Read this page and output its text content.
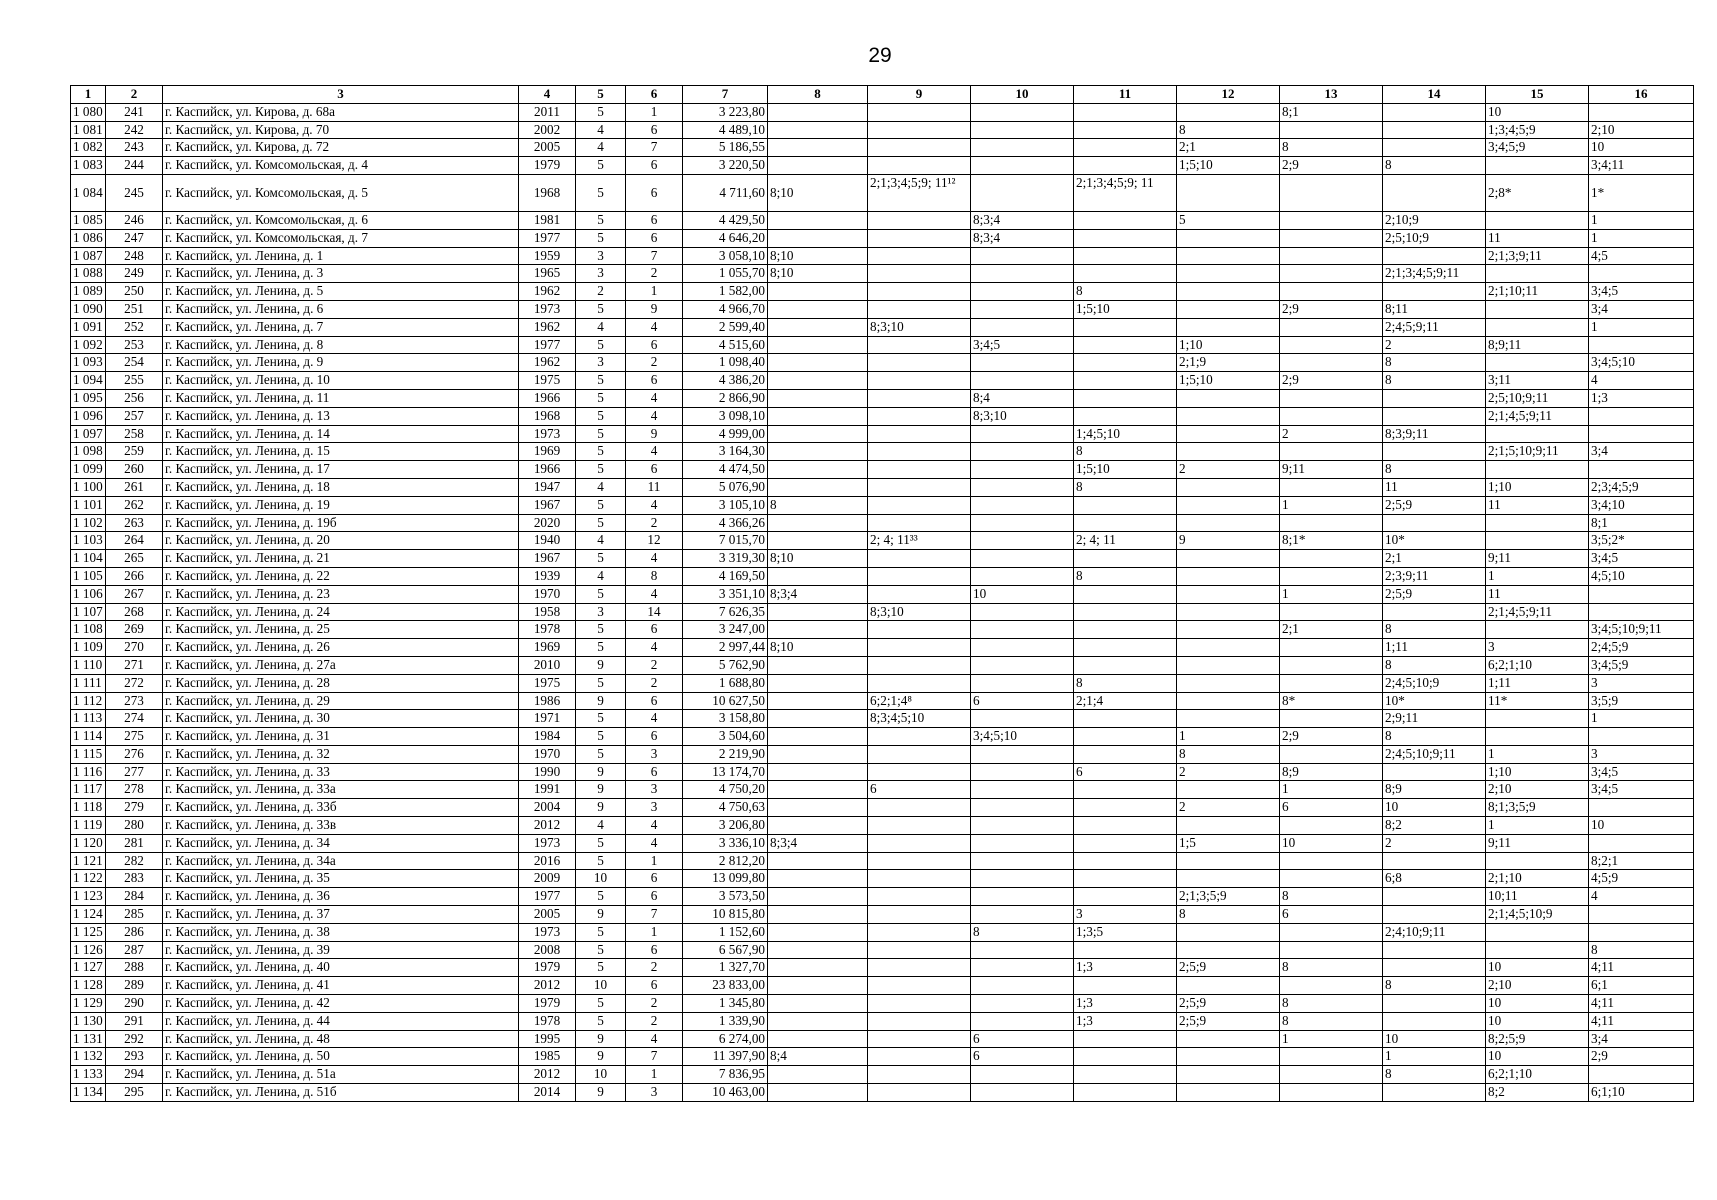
29
1	2	3	4	5	6	7	8	9	10	11	12	13	14	15	16
1 080	241	г. Каспийск, ул. Кирова, д. 68а	2011	5	1	3 223,80						8;1		10	
1 081	242	г. Каспийск, ул. Кирова, д. 70	2002	4	6	4 489,10					8			1;3;4;5;9	2;10
1 082	243	г. Каспийск, ул. Кирова, д. 72	2005	4	7	5 186,55					2;1	8		3;4;5;9	10
1 083	244	г. Каспийск, ул. Комсомольская, д. 4	1979	5	6	3 220,50					1;5;10	2;9	8		3;4;11
1 084	245	г. Каспийск, ул. Комсомольская, д. 5	1968	5	6	4 711,60	8;10	2;1;3;4;5;9; 11¹²		2;1;3;4;5;9; 11				2;8*	1*
1 085	246	г. Каспийск, ул. Комсомольская, д. 6	1981	5	6	4 429,50			8;3;4		5		2;10;9		1
1 086	247	г. Каспийск, ул. Комсомольская, д. 7	1977	5	6	4 646,20			8;3;4				2;5;10;9	11	1
1 087	248	г. Каспийск, ул. Ленина, д. 1	1959	3	7	3 058,10	8;10							2;1;3;9;11	4;5
1 088	249	г. Каспийск, ул. Ленина, д. 3	1965	3	2	1 055,70	8;10						2;1;3;4;5;9;11		
1 089	250	г. Каспийск, ул. Ленина, д. 5	1962	2	1	1 582,00				8				2;1;10;11	3;4;5
1 090	251	г. Каспийск, ул. Ленина, д. 6	1973	5	9	4 966,70				1;5;10		2;9	8;11		3;4
1 091	252	г. Каспийск, ул. Ленина, д. 7	1962	4	4	2 599,40		8;3;10					2;4;5;9;11		1
1 092	253	г. Каспийск, ул. Ленина, д. 8	1977	5	6	4 515,60			3;4;5		1;10		2	8;9;11	
1 093	254	г. Каспийск, ул. Ленина, д. 9	1962	3	2	1 098,40					2;1;9		8		3;4;5;10
1 094	255	г. Каспийск, ул. Ленина, д. 10	1975	5	6	4 386,20					1;5;10	2;9	8	3;11	4
1 095	256	г. Каспийск, ул. Ленина, д. 11	1966	5	4	2 866,90			8;4					2;5;10;9;11	1;3
1 096	257	г. Каспийск, ул. Ленина, д. 13	1968	5	4	3 098,10			8;3;10					2;1;4;5;9;11	
1 097	258	г. Каспийск, ул. Ленина, д. 14	1973	5	9	4 999,00				1;4;5;10		2	8;3;9;11		
1 098	259	г. Каспийск, ул. Ленина, д. 15	1969	5	4	3 164,30				8				2;1;5;10;9;11	3;4
1 099	260	г. Каспийск, ул. Ленина, д. 17	1966	5	6	4 474,50				1;5;10	2	9;11	8		
1 100	261	г. Каспийск, ул. Ленина, д. 18	1947	4	11	5 076,90				8			11	1;10	2;3;4;5;9
1 101	262	г. Каспийск, ул. Ленина, д. 19	1967	5	4	3 105,10	8					1	2;5;9	11	3;4;10
1 102	263	г. Каспийск, ул. Ленина, д. 19б	2020	5	2	4 366,26									8;1
1 103	264	г. Каспийск, ул. Ленина, д. 20	1940	4	12	7 015,70		2; 4; 11³³		2; 4; 11	9	8;1*	10*		3;5;2*
1 104	265	г. Каспийск, ул. Ленина, д. 21	1967	5	4	3 319,30	8;10						2;1	9;11	3;4;5
1 105	266	г. Каспийск, ул. Ленина, д. 22	1939	4	8	4 169,50				8			2;3;9;11	1	4;5;10
1 106	267	г. Каспийск, ул. Ленина, д. 23	1970	5	4	3 351,10	8;3;4		10			1	2;5;9	11	
1 107	268	г. Каспийск, ул. Ленина, д. 24	1958	3	14	7 626,35		8;3;10						2;1;4;5;9;11	
1 108	269	г. Каспийск, ул. Ленина, д. 25	1978	5	6	3 247,00						2;1	8		3;4;5;10;9;11
1 109	270	г. Каспийск, ул. Ленина, д. 26	1969	5	4	2 997,44	8;10						1;11	3	2;4;5;9
1 110	271	г. Каспийск, ул. Ленина, д. 27а	2010	9	2	5 762,90							8	6;2;1;10	3;4;5;9
1 111	272	г. Каспийск, ул. Ленина, д. 28	1975	5	2	1 688,80				8			2;4;5;10;9	1;11	3
1 112	273	г. Каспийск, ул. Ленина, д. 29	1986	9	6	10 627,50		6;2;1;4⁸	6	2;1;4		8*	10*	11*	3;5;9
1 113	274	г. Каспийск, ул. Ленина, д. 30	1971	5	4	3 158,80		8;3;4;5;10					2;9;11		1
1 114	275	г. Каспийск, ул. Ленина, д. 31	1984	5	6	3 504,60			3;4;5;10		1	2;9	8		
1 115	276	г. Каспийск, ул. Ленина, д. 32	1970	5	3	2 219,90					8		2;4;5;10;9;11	1	3
1 116	277	г. Каспийск, ул. Ленина, д. 33	1990	9	6	13 174,70				6	2	8;9		1;10	3;4;5
1 117	278	г. Каспийск, ул. Ленина, д. 33а	1991	9	3	4 750,20		6				1	8;9	2;10	3;4;5
1 118	279	г. Каспийск, ул. Ленина, д. 33б	2004	9	3	4 750,63					2	6	10	8;1;3;5;9	
1 119	280	г. Каспийск, ул. Ленина, д. 33в	2012	4	4	3 206,80							8;2	1	10
1 120	281	г. Каспийск, ул. Ленина, д. 34	1973	5	4	3 336,10	8;3;4				1;5	10	2	9;11	
1 121	282	г. Каспийск, ул. Ленина, д. 34а	2016	5	1	2 812,20									8;2;1
1 122	283	г. Каспийск, ул. Ленина, д. 35	2009	10	6	13 099,80							6;8	2;1;10	4;5;9
1 123	284	г. Каспийск, ул. Ленина, д. 36	1977	5	6	3 573,50					2;1;3;5;9	8		10;11	4
1 124	285	г. Каспийск, ул. Ленина, д. 37	2005	9	7	10 815,80				3	8	6		2;1;4;5;10;9	
1 125	286	г. Каспийск, ул. Ленина, д. 38	1973	5	1	1 152,60			8	1;3;5			2;4;10;9;11		
1 126	287	г. Каспийск, ул. Ленина, д. 39	2008	5	6	6 567,90									8
1 127	288	г. Каспийск, ул. Ленина, д. 40	1979	5	2	1 327,70				1;3	2;5;9	8		10	4;11
1 128	289	г. Каспийск, ул. Ленина, д. 41	2012	10	6	23 833,00							8	2;10	6;1
1 129	290	г. Каспийск, ул. Ленина, д. 42	1979	5	2	1 345,80				1;3	2;5;9	8		10	4;11
1 130	291	г. Каспийск, ул. Ленина, д. 44	1978	5	2	1 339,90				1;3	2;5;9	8		10	4;11
1 131	292	г. Каспийск, ул. Ленина, д. 48	1995	9	4	6 274,00			6			1	10	8;2;5;9	3;4
1 132	293	г. Каспийск, ул. Ленина, д. 50	1985	9	7	11 397,90	8;4		6				1	10	2;9
1 133	294	г. Каспийск, ул. Ленина, д. 51а	2012	10	1	7 836,95							8	6;2;1;10	
1 134	295	г. Каспийск, ул. Ленина, д. 51б	2014	9	3	10 463,00								8;2	6;1;10
